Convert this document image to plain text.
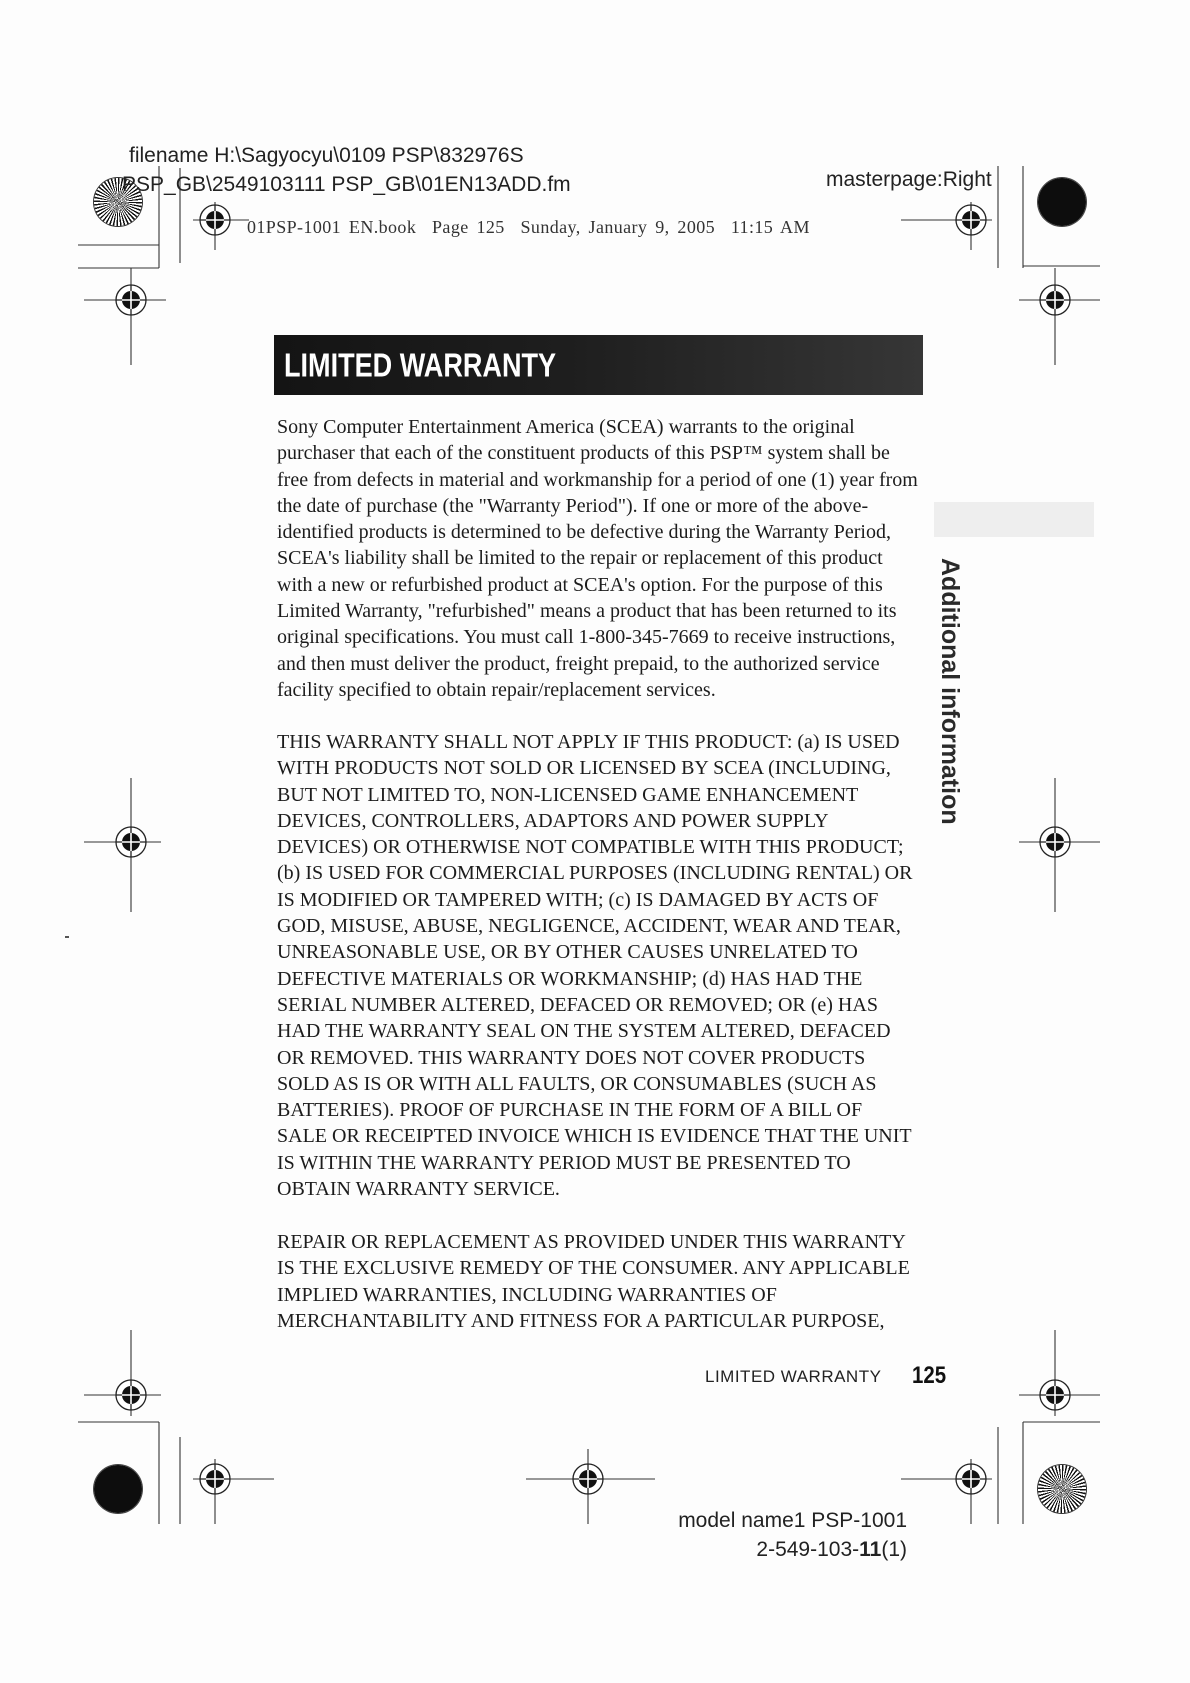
filename H:\Sagyocyu\0109 PSP\832976S
PSP_GB\2549103111 PSP_GB\01EN13ADD.fm	masterpage:Right
01PSP-1001 EN.book  Page 125  Sunday, January 9, 2005  11:15 AM
LIMITED WARRANTY
Additional information
Sony Computer Entertainment America (SCEA) warrants to the original
purchaser that each of the constituent products of this PSP™ system shall be
free from defects in material and workmanship for a period of one (1) year from
the date of purchase (the "Warranty Period"). If one or more of the above-
identified products is determined to be defective during the Warranty Period,
SCEA's liability shall be limited to the repair or replacement of this product
with a new or refurbished product at SCEA's option. For the purpose of this
Limited Warranty, "refurbished" means a product that has been returned to its
original specifications. You must call 1-800-345-7669 to receive instructions,
and then must deliver the product, freight prepaid, to the authorized service
facility specified to obtain repair/replacement services.
THIS WARRANTY SHALL NOT APPLY IF THIS PRODUCT: (a) IS USED
WITH PRODUCTS NOT SOLD OR LICENSED BY SCEA (INCLUDING,
BUT NOT LIMITED TO, NON-LICENSED GAME ENHANCEMENT
DEVICES, CONTROLLERS, ADAPTORS AND POWER SUPPLY
DEVICES) OR OTHERWISE NOT COMPATIBLE WITH THIS PRODUCT;
(b) IS USED FOR COMMERCIAL PURPOSES (INCLUDING RENTAL) OR
IS MODIFIED OR TAMPERED WITH; (c) IS DAMAGED BY ACTS OF
GOD, MISUSE, ABUSE, NEGLIGENCE, ACCIDENT, WEAR AND TEAR,
UNREASONABLE USE, OR BY OTHER CAUSES UNRELATED TO
DEFECTIVE MATERIALS OR WORKMANSHIP; (d) HAS HAD THE
SERIAL NUMBER ALTERED, DEFACED OR REMOVED; OR (e) HAS
HAD THE WARRANTY SEAL ON THE SYSTEM ALTERED, DEFACED
OR REMOVED. THIS WARRANTY DOES NOT COVER PRODUCTS
SOLD AS IS OR WITH ALL FAULTS, OR CONSUMABLES (SUCH AS
BATTERIES). PROOF OF PURCHASE IN THE FORM OF A BILL OF
SALE OR RECEIPTED INVOICE WHICH IS EVIDENCE THAT THE UNIT
IS WITHIN THE WARRANTY PERIOD MUST BE PRESENTED TO
OBTAIN WARRANTY SERVICE.
REPAIR OR REPLACEMENT AS PROVIDED UNDER THIS WARRANTY
IS THE EXCLUSIVE REMEDY OF THE CONSUMER. ANY APPLICABLE
IMPLIED WARRANTIES, INCLUDING WARRANTIES OF
MERCHANTABILITY AND FITNESS FOR A PARTICULAR PURPOSE,
LIMITED WARRANTY 125
model name1 PSP-1001
2-549-103-11(1)
